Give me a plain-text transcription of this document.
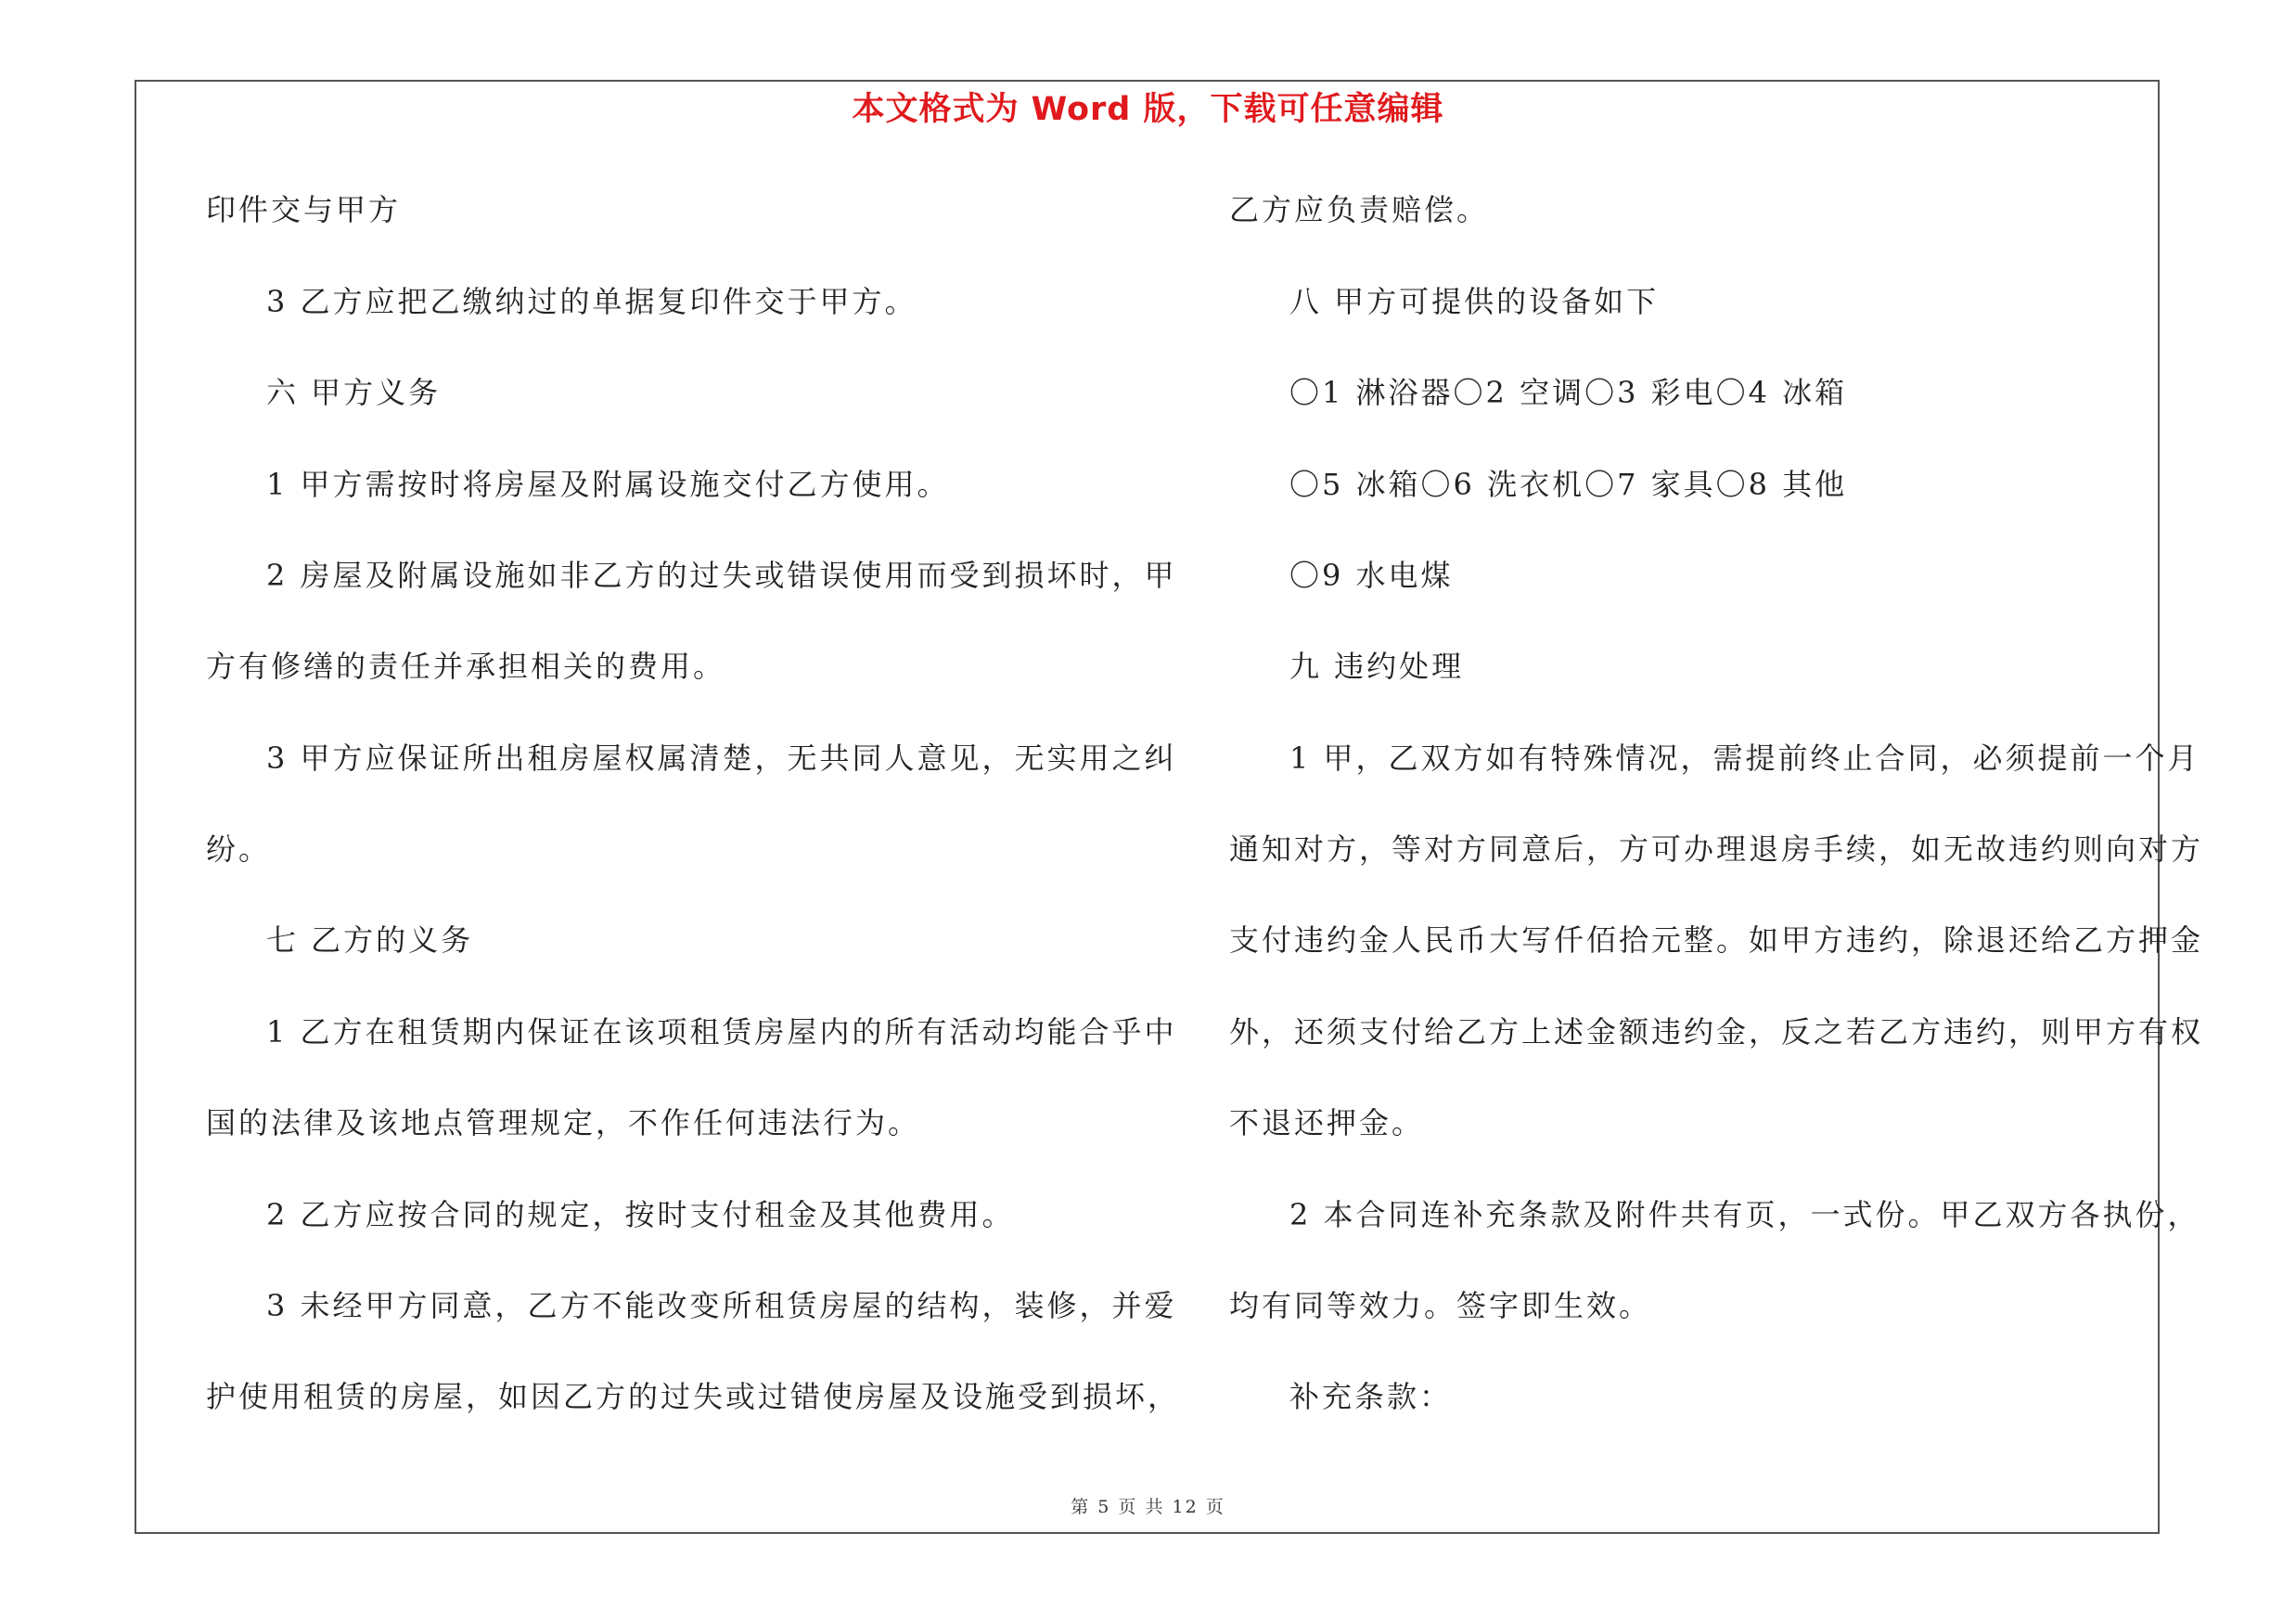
本文格式为 Word 版，下载可任意编辑
印件交与甲方
3 乙方应把乙缴纳过的单据复印件交于甲方。
六 甲方义务
1 甲方需按时将房屋及附属设施交付乙方使用。
2 房屋及附属设施如非乙方的过失或错误使用而受到损坏时，甲
方有修缮的责任并承担相关的费用。
3 甲方应保证所出租房屋权属清楚，无共同人意见，无实用之纠
纷。
七 乙方的义务
1 乙方在租赁期内保证在该项租赁房屋内的所有活动均能合乎中
国的法律及该地点管理规定，不作任何违法行为。
2 乙方应按合同的规定，按时支付租金及其他费用。
3 未经甲方同意，乙方不能改变所租赁房屋的结构，装修，并爱
护使用租赁的房屋，如因乙方的过失或过错使房屋及设施受到损坏，
乙方应负责赔偿。
八 甲方可提供的设备如下
〇1 淋浴器〇2 空调〇3 彩电〇4 冰箱
〇5 冰箱〇6 洗衣机〇7 家具〇8 其他
〇9 水电煤
九 违约处理
1 甲，乙双方如有特殊情况，需提前终止合同，必须提前一个月
通知对方，等对方同意后，方可办理退房手续，如无故违约则向对方
支付违约金人民币大写仟佰拾元整。如甲方违约，除退还给乙方押金
外，还须支付给乙方上述金额违约金，反之若乙方违约，则甲方有权
不退还押金。
2 本合同连补充条款及附件共有页，一式份。甲乙双方各执份，
均有同等效力。签字即生效。
补充条款：
第 5 页 共 12 页
